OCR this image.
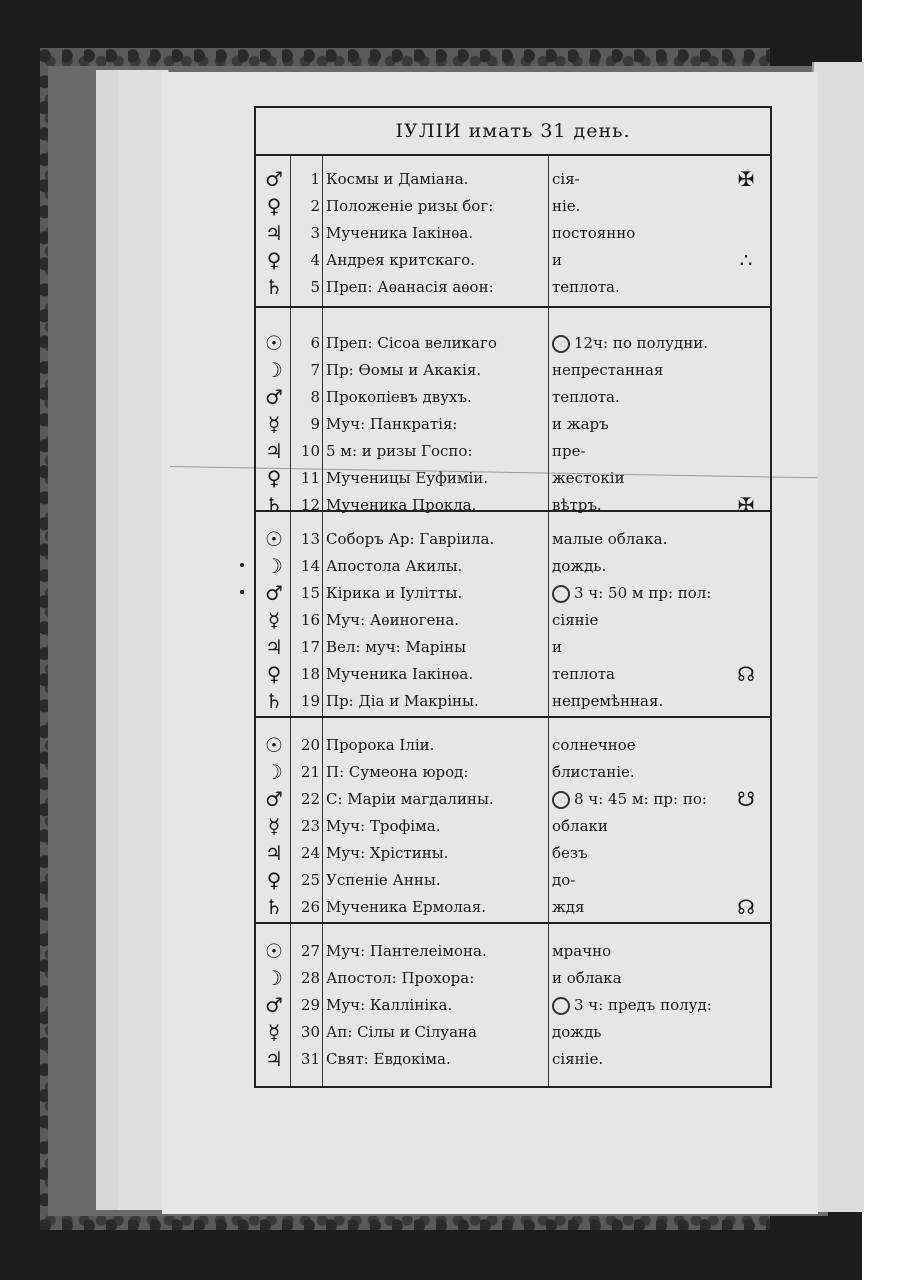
ІУЛІИ имать 31 день.
♂	1 Космы и Даміана.	сія-	✠
♀	2 Положеніе ризы бог:	ніе.
♃	3 Мученика Іакінѳа.	постоянно
♀	4 Андрея критскаго.	и	∴
♄	5 Преп: Аѳанасія аѳон:	теплота.
☉	6 Преп: Сісоа великаго	12ч: по полудни.
☽	7 Пр: Ѳомы и Акакія.	непрестанная
♂	8 Прокопіевъ двухъ.	теплота.
☿	9 Муч: Панкратія:	и жаръ
♃	10 5 м: и ризы Госпо:	пре-
♀	11 Мученицы Еуфиміи.	жестокіи
♄	12 Мученика Прокла.	вѣтръ.	✠
☉	13 Соборъ Ар: Гавріила.	малые облака.
☽	14 Апостола Акилы.	дождь.
♂	15 Кірика и Іулітты.	3 ч: 50 м пр: пол:
☿	16 Муч: Аѳиногена.	сіяніе
♃	17 Вел: муч: Маріны	и
♀	18 Мученика Іакінѳа.	теплота	☊
♄	19 Пр: Діа и Макріны.	непремѣнная.
☉	20 Пророка Іліи.	солнечное
☽	21 П: Сумеона юрод:	блистаніе.
♂	22 С: Маріи магдалины.	8 ч: 45 м: пр: по:	☋
☿	23 Муч: Трофіма.	облаки
♃	24 Муч: Хрістины.	безъ
♀	25 Успеніе Анны.	до-
♄	26 Мученика Ермолая.	ждя	☊
☉	27 Муч: Пантелеімона.	мрачно
☽	28 Апостол: Прохора:	и облака
♂	29 Муч: Каллініка.	3 ч: предъ полуд:
☿	30 Ап: Сілы и Сілуана	дождь
♃	31 Свят: Евдокіма.	сіяніе.
